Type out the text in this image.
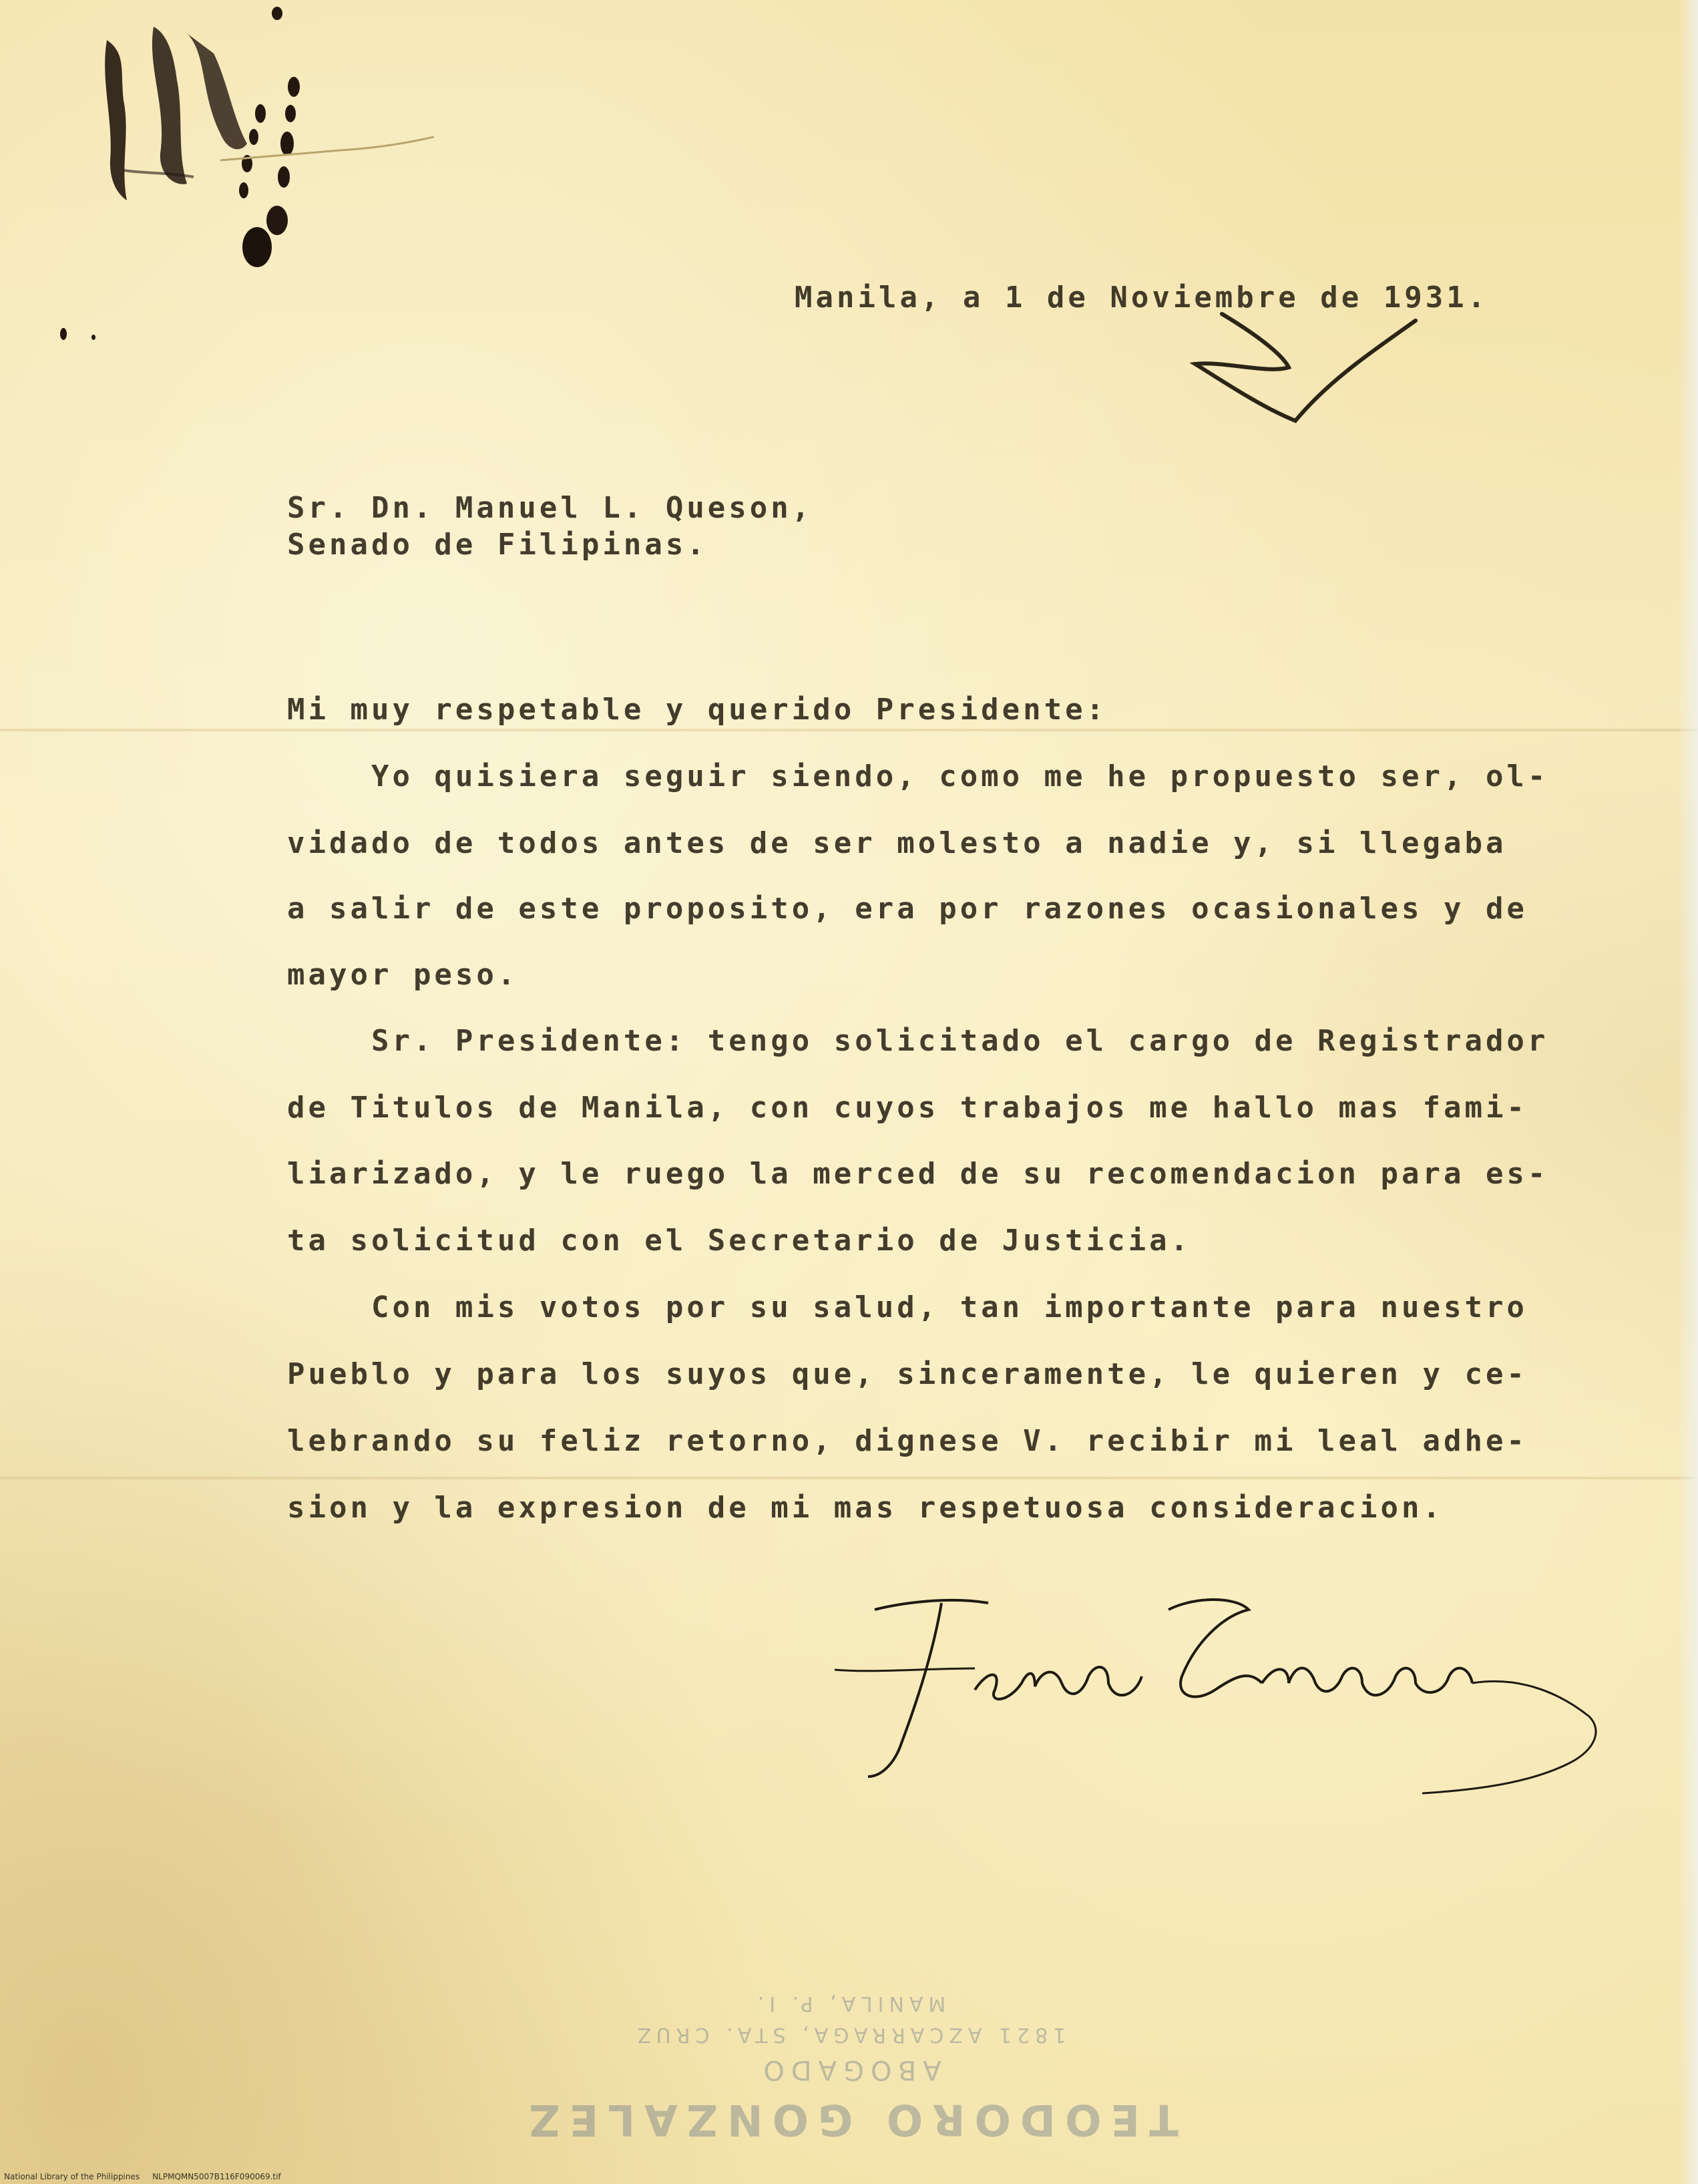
Manila, a 1 de Noviembre de 1931.
Sr. Dn. Manuel L. Queson,
Senado de Filipinas.
Mi muy respetable y querido Presidente:
Yo quisiera seguir siendo, como me he propuesto ser, ol-
vidado de todos antes de ser molesto a nadie y, si llegaba
a salir de este proposito, era por razones ocasionales y de
mayor peso.
Sr. Presidente: tengo solicitado el cargo de Registrador
de Titulos de Manila, con cuyos trabajos me hallo mas fami-
liarizado, y le ruego la merced de su recomendacion para es-
ta solicitud con el Secretario de Justicia.
Con mis votos por su salud, tan importante para nuestro
Pueblo y para los suyos que, sinceramente, le quieren y ce-
lebrando su feliz retorno, dignese V. recibir mi leal adhe-
sion y la expresion de mi mas respetuosa consideracion.
TEODORO GONZALEZ
ABOGADO
1821 AZCARRAGA, STA. CRUZ
MANILA, P. I.
National Library of the Philippines     NLPMQMN5007B116F090069.tif
